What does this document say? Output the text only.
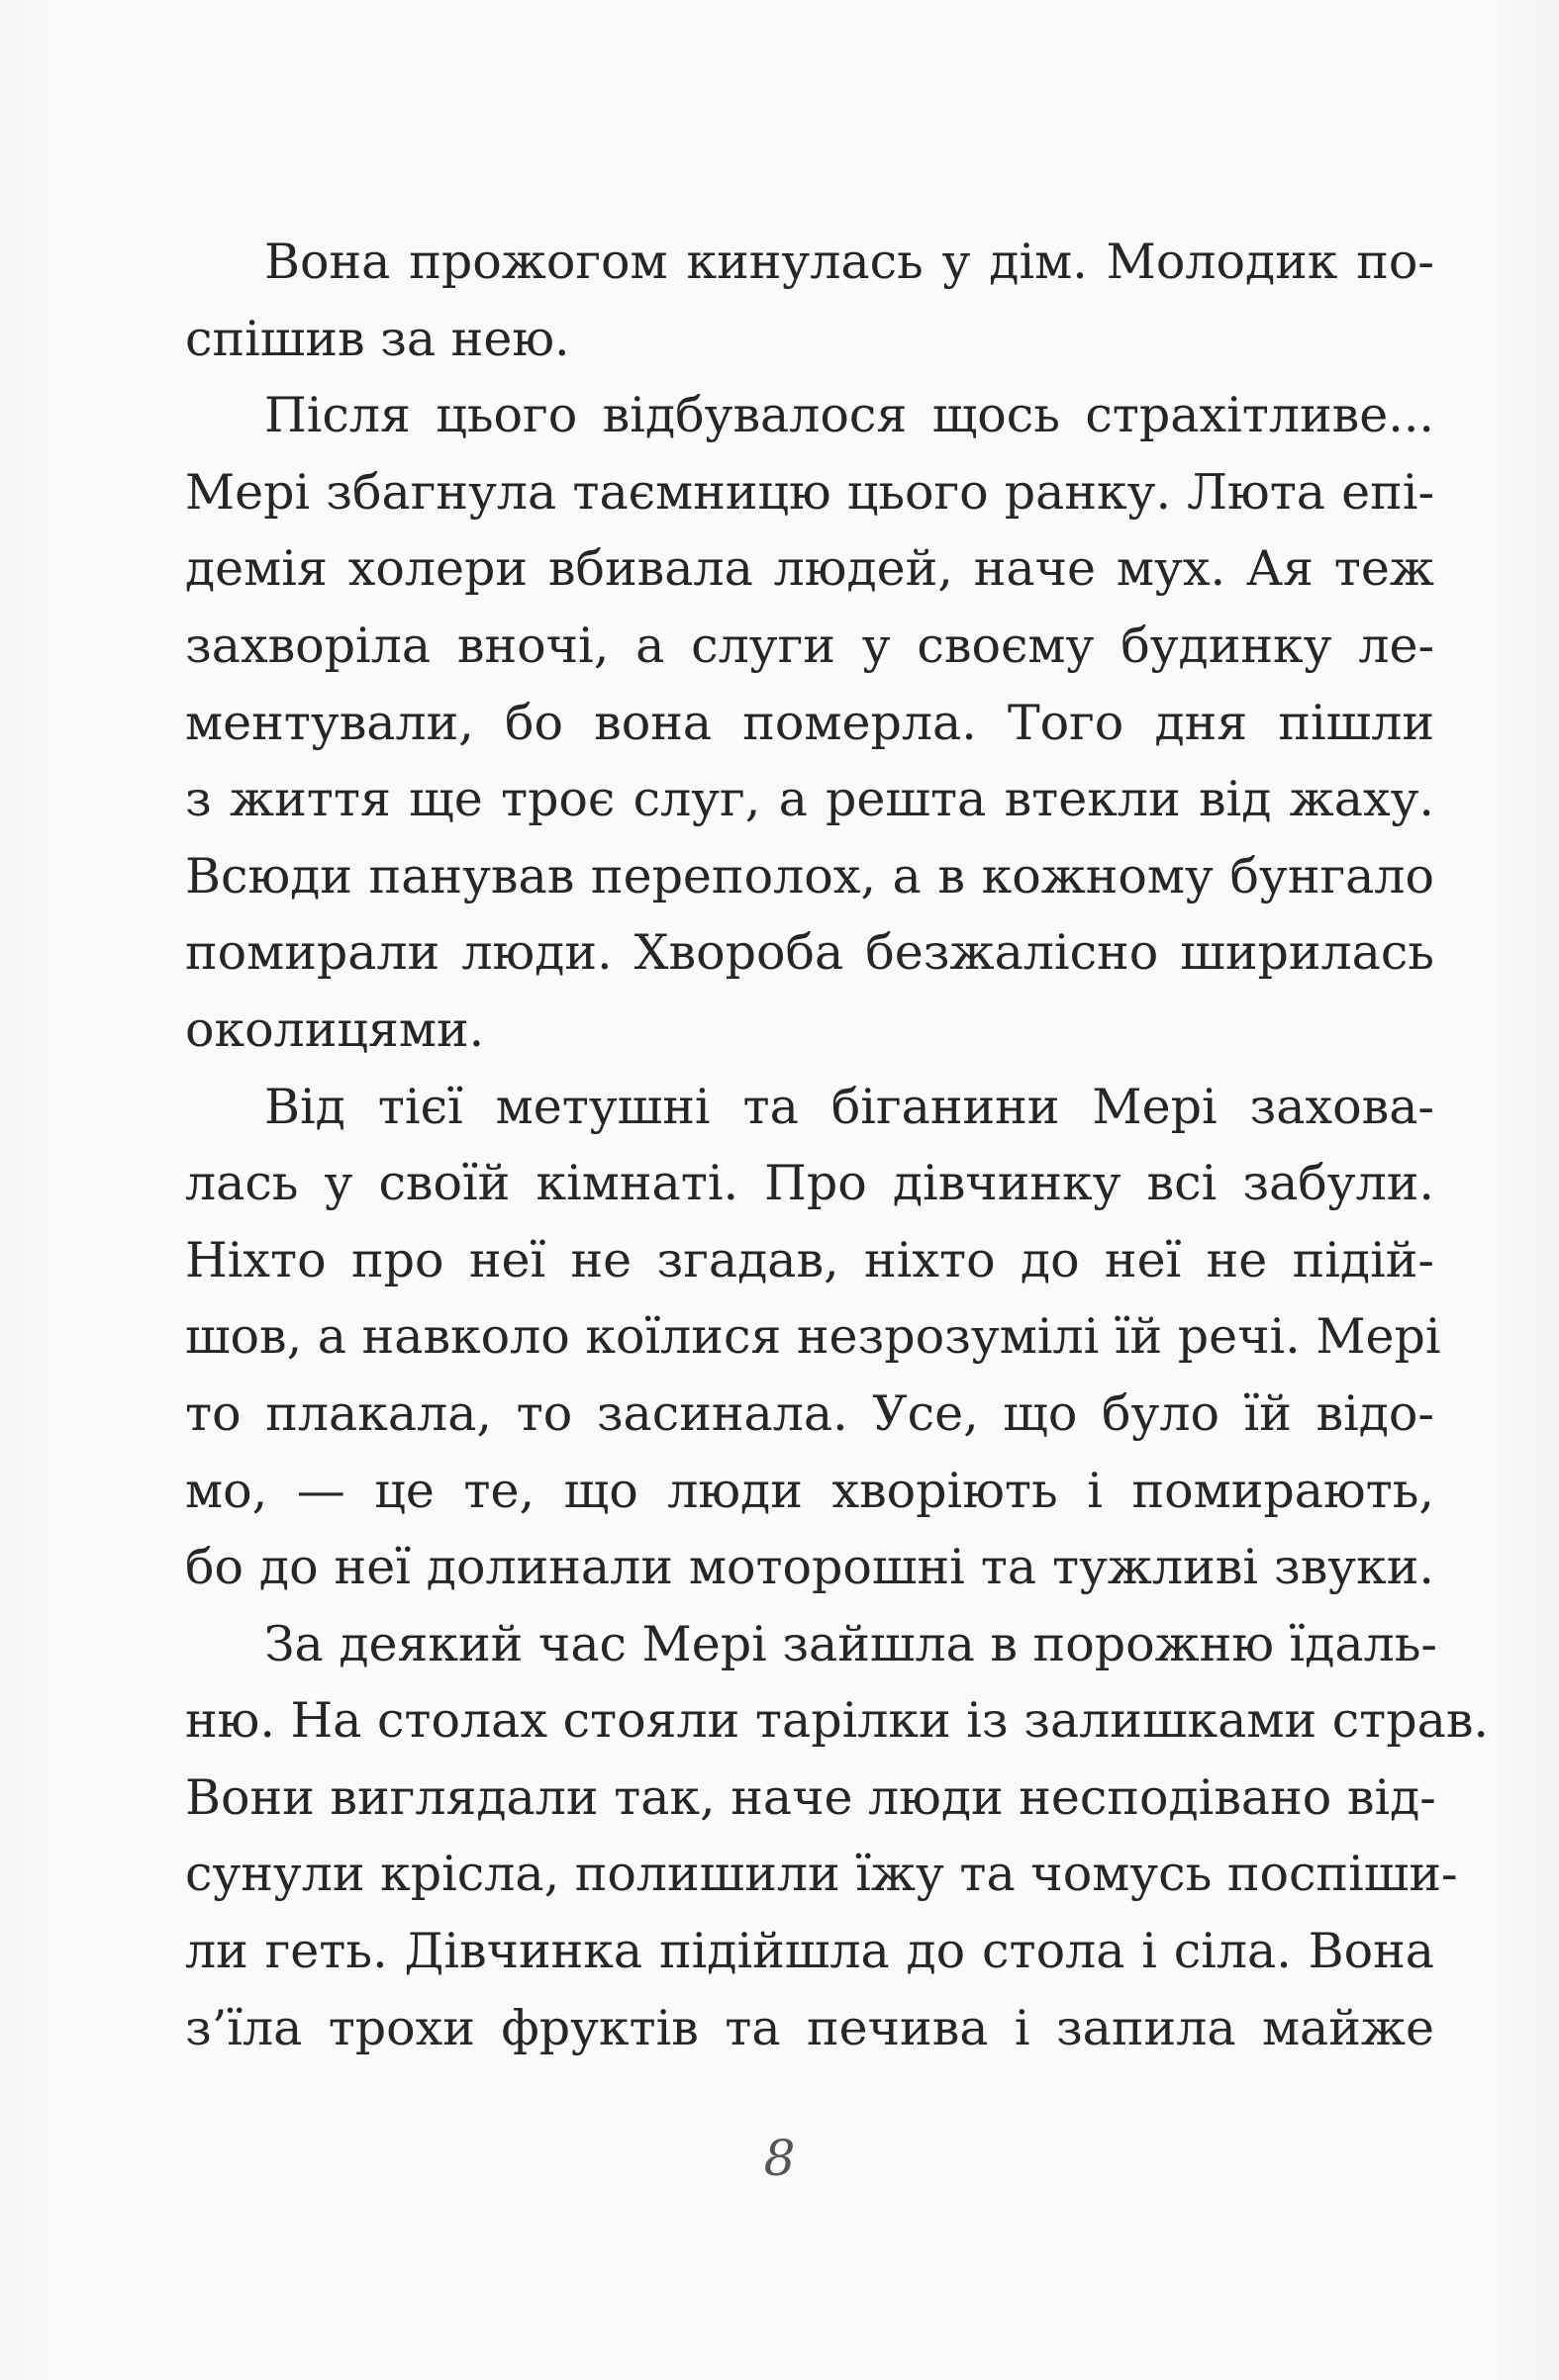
Вона прожогом кинулась у дім. Молодик по-
спішив за нею.
Після цього відбувалося щось страхітливе...
Мері збагнула таємницю цього ранку. Люта епі-
демія холери вбивала людей, наче мух. Ая теж
захворіла вночі, а слуги у своєму будинку ле-
ментували, бо вона померла. Того дня пішли
з життя ще троє слуг, а решта втекли від жаху.
Всюди панував переполох, а в кожному бунгало
помирали люди. Хвороба безжалісно ширилась
околицями.
Від тієї метушні та біганини Мері захова-
лась у своїй кімнаті. Про дівчинку всі забули.
Ніхто про неї не згадав, ніхто до неї не підій-
шов, а навколо коїлися незрозумілі їй речі. Мері
то плакала, то засинала. Усе, що було їй відо-
мо, — це те, що люди хворіють і помирають,
бо до неї долинали моторошні та тужливі звуки.
За деякий час Мері зайшла в порожню їдаль-
ню. На столах стояли тарілки із залишками страв.
Вони виглядали так, наче люди несподівано від-
сунули крісла, полишили їжу та чомусь поспіши-
ли геть. Дівчинка підійшла до стола і сіла. Вона
з’їла трохи фруктів та печива і запила майже
8
